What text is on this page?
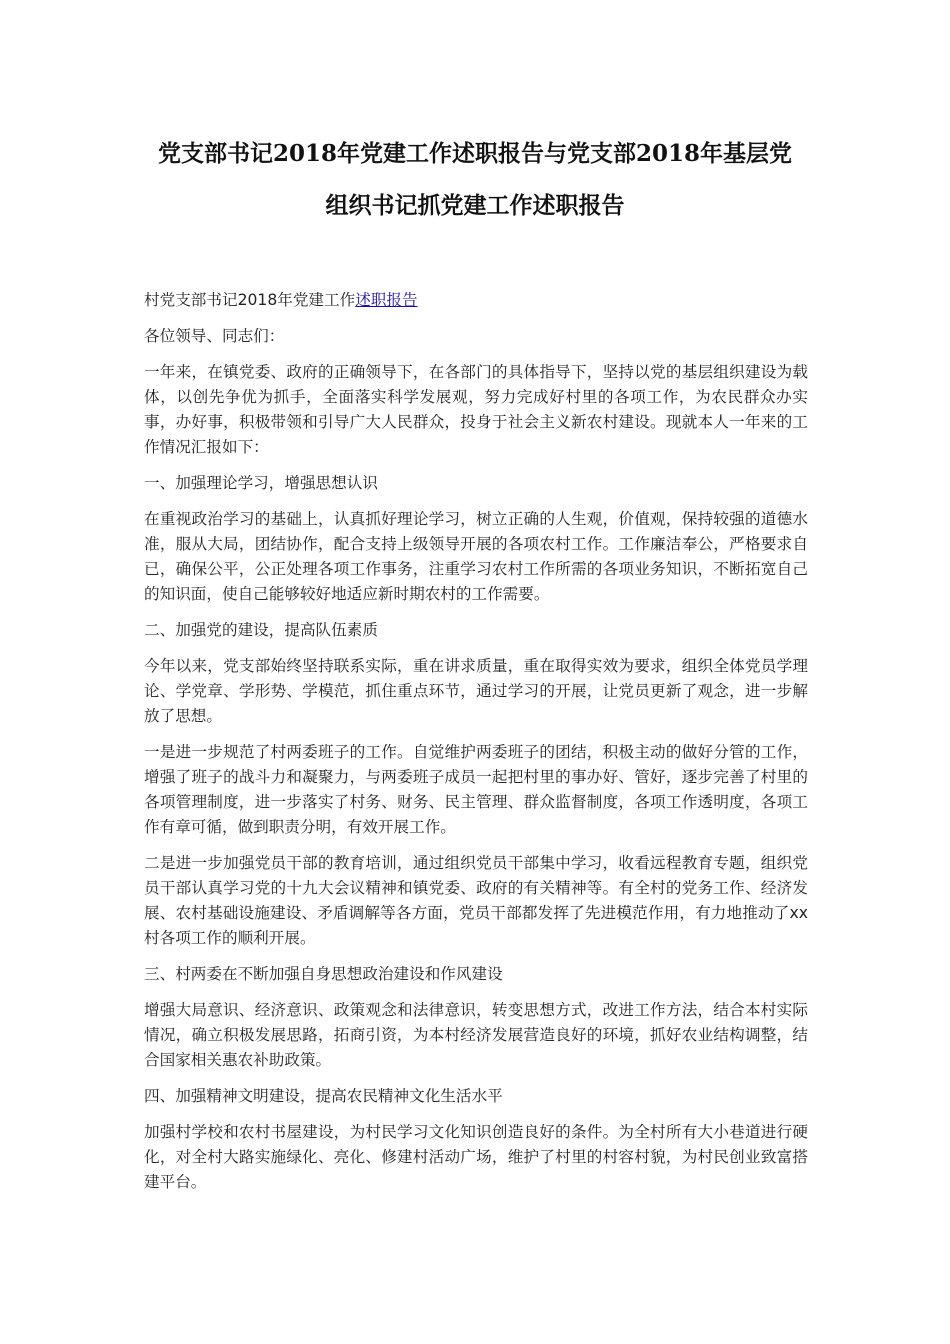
党支部书记2018年党建工作述职报告与党支部2018年基层党
组织书记抓党建工作述职报告

村党支部书记2018年党建工作述职报告

各位领导、同志们：

一年来，在镇党委、政府的正确领导下，在各部门的具体指导下，坚持以党的基层组织建设为载体，以创先争优为抓手，全面落实科学发展观，努力完成好村里的各项工作，为农民群众办实事，办好事，积极带领和引导广大人民群众，投身于社会主义新农村建设。现就本人一年来的工作情况汇报如下：

一、加强理论学习，增强思想认识

在重视政治学习的基础上，认真抓好理论学习，树立正确的人生观，价值观，保持较强的道德水准，服从大局，团结协作，配合支持上级领导开展的各项农村工作。工作廉洁奉公，严格要求自已，确保公平，公正处理各项工作事务，注重学习农村工作所需的各项业务知识，不断拓宽自己的知识面，使自己能够较好地适应新时期农村的工作需要。

二、加强党的建设，提高队伍素质

今年以来，党支部始终坚持联系实际，重在讲求质量，重在取得实效为要求，组织全体党员学理论、学党章、学形势、学模范，抓住重点环节，通过学习的开展，让党员更新了观念，进一步解放了思想。

一是进一步规范了村两委班子的工作。自觉维护两委班子的团结，积极主动的做好分管的工作，增强了班子的战斗力和凝聚力，与两委班子成员一起把村里的事办好、管好，逐步完善了村里的各项管理制度，进一步落实了村务、财务、民主管理、群众监督制度，各项工作透明度，各项工作有章可循，做到职责分明，有效开展工作。

二是进一步加强党员干部的教育培训，通过组织党员干部集中学习，收看远程教育专题，组织党员干部认真学习党的十九大会议精神和镇党委、政府的有关精神等。有全村的党务工作、经济发展、农村基础设施建设、矛盾调解等各方面，党员干部都发挥了先进模范作用，有力地推动了xx村各项工作的顺利开展。

三、村两委在不断加强自身思想政治建设和作风建设

增强大局意识、经济意识、政策观念和法律意识，转变思想方式，改进工作方法，结合本村实际情况，确立积极发展思路，拓商引资，为本村经济发展营造良好的环境，抓好农业结构调整，结合国家相关惠农补助政策。

四、加强精神文明建设，提高农民精神文化生活水平

加强村学校和农村书屋建设，为村民学习文化知识创造良好的条件。为全村所有大小巷道进行硬化，对全村大路实施绿化、亮化、修建村活动广场，维护了村里的村容村貌，为村民创业致富搭建平台。
